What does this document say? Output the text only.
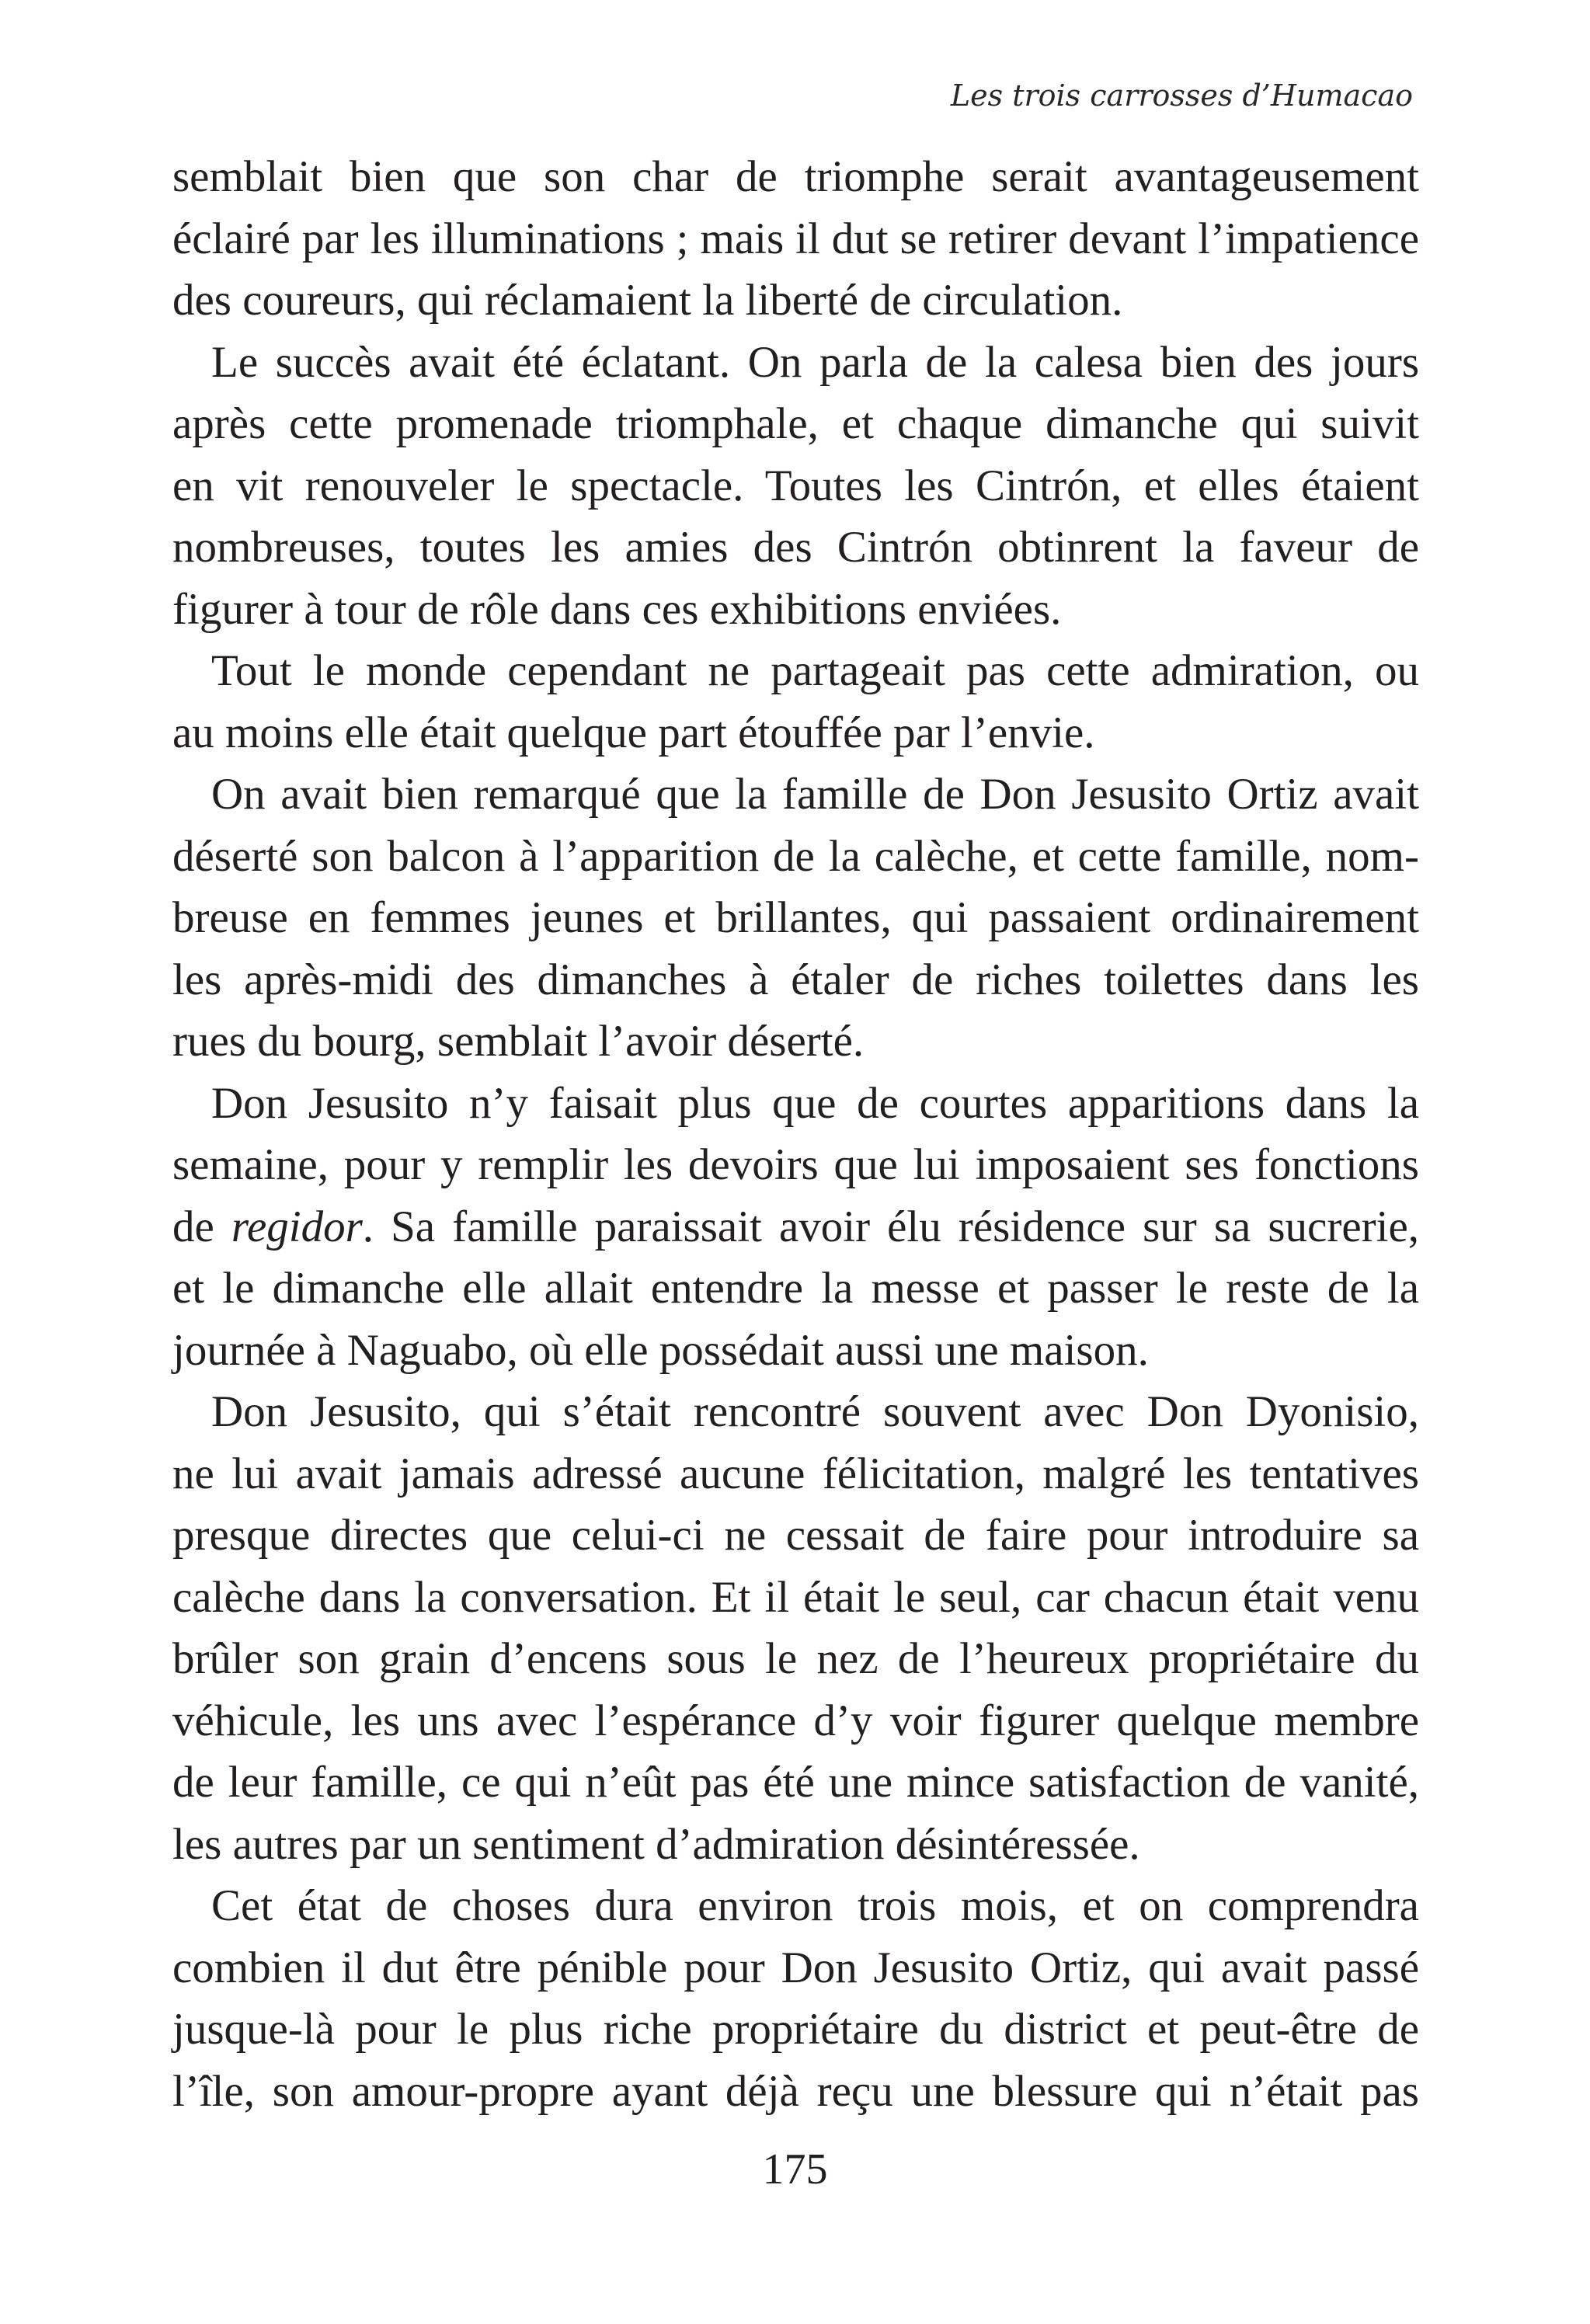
Les trois carrosses d’Humacao
semblait bien que son char de triomphe serait avantageusement
éclairé par les illuminations ; mais il dut se retirer devant l’impatience
des coureurs, qui réclamaient la liberté de circulation.
Le succès avait été éclatant. On parla de la calesa bien des jours
après cette promenade triomphale, et chaque dimanche qui suivit
en vit renouveler le spectacle. Toutes les Cintrón, et elles étaient
nombreuses, toutes les amies des Cintrón obtinrent la faveur de
figurer à tour de rôle dans ces exhibitions enviées.
Tout le monde cependant ne partageait pas cette admiration, ou
au moins elle était quelque part étouffée par l’envie.
On avait bien remarqué que la famille de Don Jesusito Ortiz avait
déserté son balcon à l’apparition de la calèche, et cette famille, nom-
breuse en femmes jeunes et brillantes, qui passaient ordinairement
les après-midi des dimanches à étaler de riches toilettes dans les
rues du bourg, semblait l’avoir déserté.
Don Jesusito n’y faisait plus que de courtes apparitions dans la
semaine, pour y remplir les devoirs que lui imposaient ses fonctions
de regidor. Sa famille paraissait avoir élu résidence sur sa sucrerie,
et le dimanche elle allait entendre la messe et passer le reste de la
journée à Naguabo, où elle possédait aussi une maison.
Don Jesusito, qui s’était rencontré souvent avec Don Dyonisio,
ne lui avait jamais adressé aucune félicitation, malgré les tentatives
presque directes que celui-ci ne cessait de faire pour introduire sa
calèche dans la conversation. Et il était le seul, car chacun était venu
brûler son grain d’encens sous le nez de l’heureux propriétaire du
véhicule, les uns avec l’espérance d’y voir figurer quelque membre
de leur famille, ce qui n’eût pas été une mince satisfaction de vanité,
les autres par un sentiment d’admiration désintéressée.
Cet état de choses dura environ trois mois, et on comprendra
combien il dut être pénible pour Don Jesusito Ortiz, qui avait passé
jusque-là pour le plus riche propriétaire du district et peut-être de
l’île, son amour-propre ayant déjà reçu une blessure qui n’était pas
175
